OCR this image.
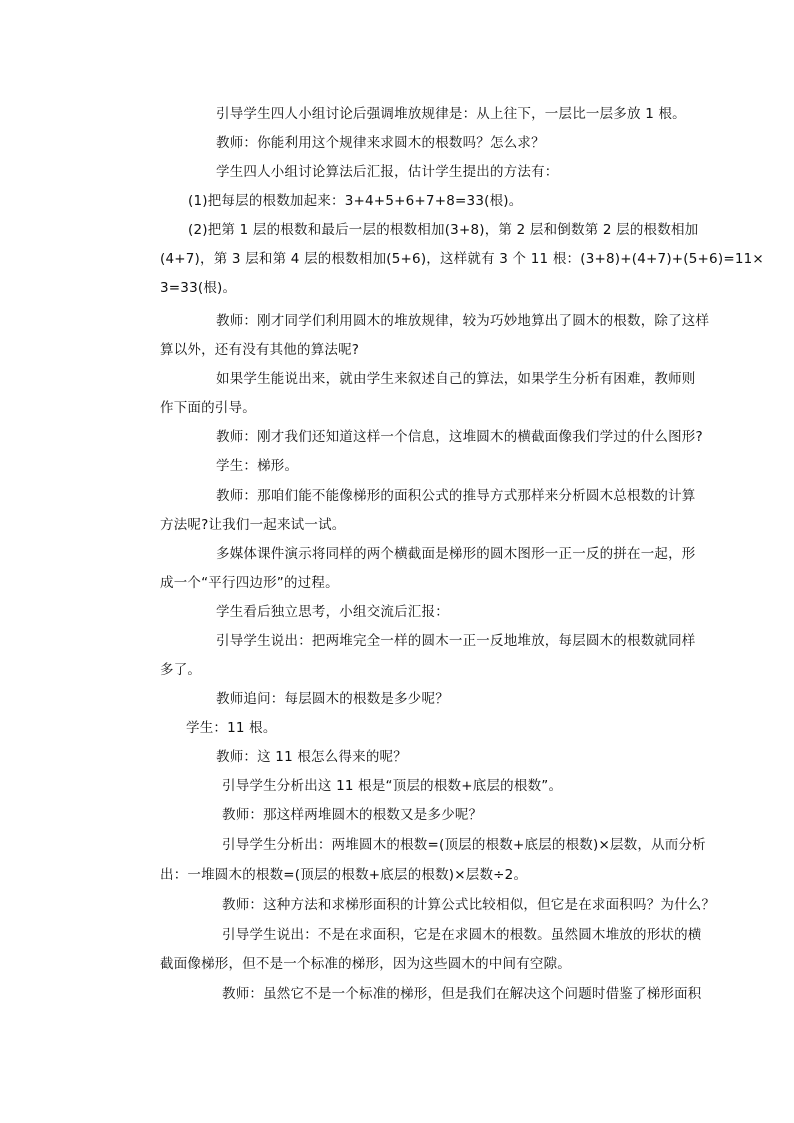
引导学生四人小组讨论后强调堆放规律是：从上往下，一层比一层多放 1 根。
教师：你能利用这个规律来求圆木的根数吗？怎么求？
学生四人小组讨论算法后汇报，估计学生提出的方法有：
(1)把每层的根数加起来：3+4+5+6+7+8=33(根)。
(2)把第 1 层的根数和最后一层的根数相加(3+8)，第 2 层和倒数第 2 层的根数相加
(4+7)，第 3 层和第 4 层的根数相加(5+6)，这样就有 3 个 11 根：(3+8)+(4+7)+(5+6)=11×
3=33(根)。
教师：刚才同学们利用圆木的堆放规律，较为巧妙地算出了圆木的根数，除了这样
算以外，还有没有其他的算法呢?
如果学生能说出来，就由学生来叙述自己的算法，如果学生分析有困难，教师则
作下面的引导。
教师：刚才我们还知道这样一个信息，这堆圆木的横截面像我们学过的什么图形?
学生：梯形。
教师：那咱们能不能像梯形的面积公式的推导方式那样来分析圆木总根数的计算
方法呢?让我们一起来试一试。
多媒体课件演示将同样的两个横截面是梯形的圆木图形一正一反的拼在一起，形
成一个“平行四边形”的过程。
学生看后独立思考，小组交流后汇报：
引导学生说出：把两堆完全一样的圆木一正一反地堆放，每层圆木的根数就同样
多了。
教师追问：每层圆木的根数是多少呢？
学生：11 根。
教师：这 11 根怎么得来的呢？
引导学生分析出这 11 根是“顶层的根数+底层的根数”。
教师：那这样两堆圆木的根数又是多少呢？
引导学生分析出：两堆圆木的根数=(顶层的根数+底层的根数)×层数，从而分析
出：一堆圆木的根数=(顶层的根数+底层的根数)×层数÷2。
教师：这种方法和求梯形面积的计算公式比较相似，但它是在求面积吗？为什么？
引导学生说出：不是在求面积，它是在求圆木的根数。虽然圆木堆放的形状的横
截面像梯形，但不是一个标准的梯形，因为这些圆木的中间有空隙。
教师：虽然它不是一个标准的梯形，但是我们在解决这个问题时借鉴了梯形面积
